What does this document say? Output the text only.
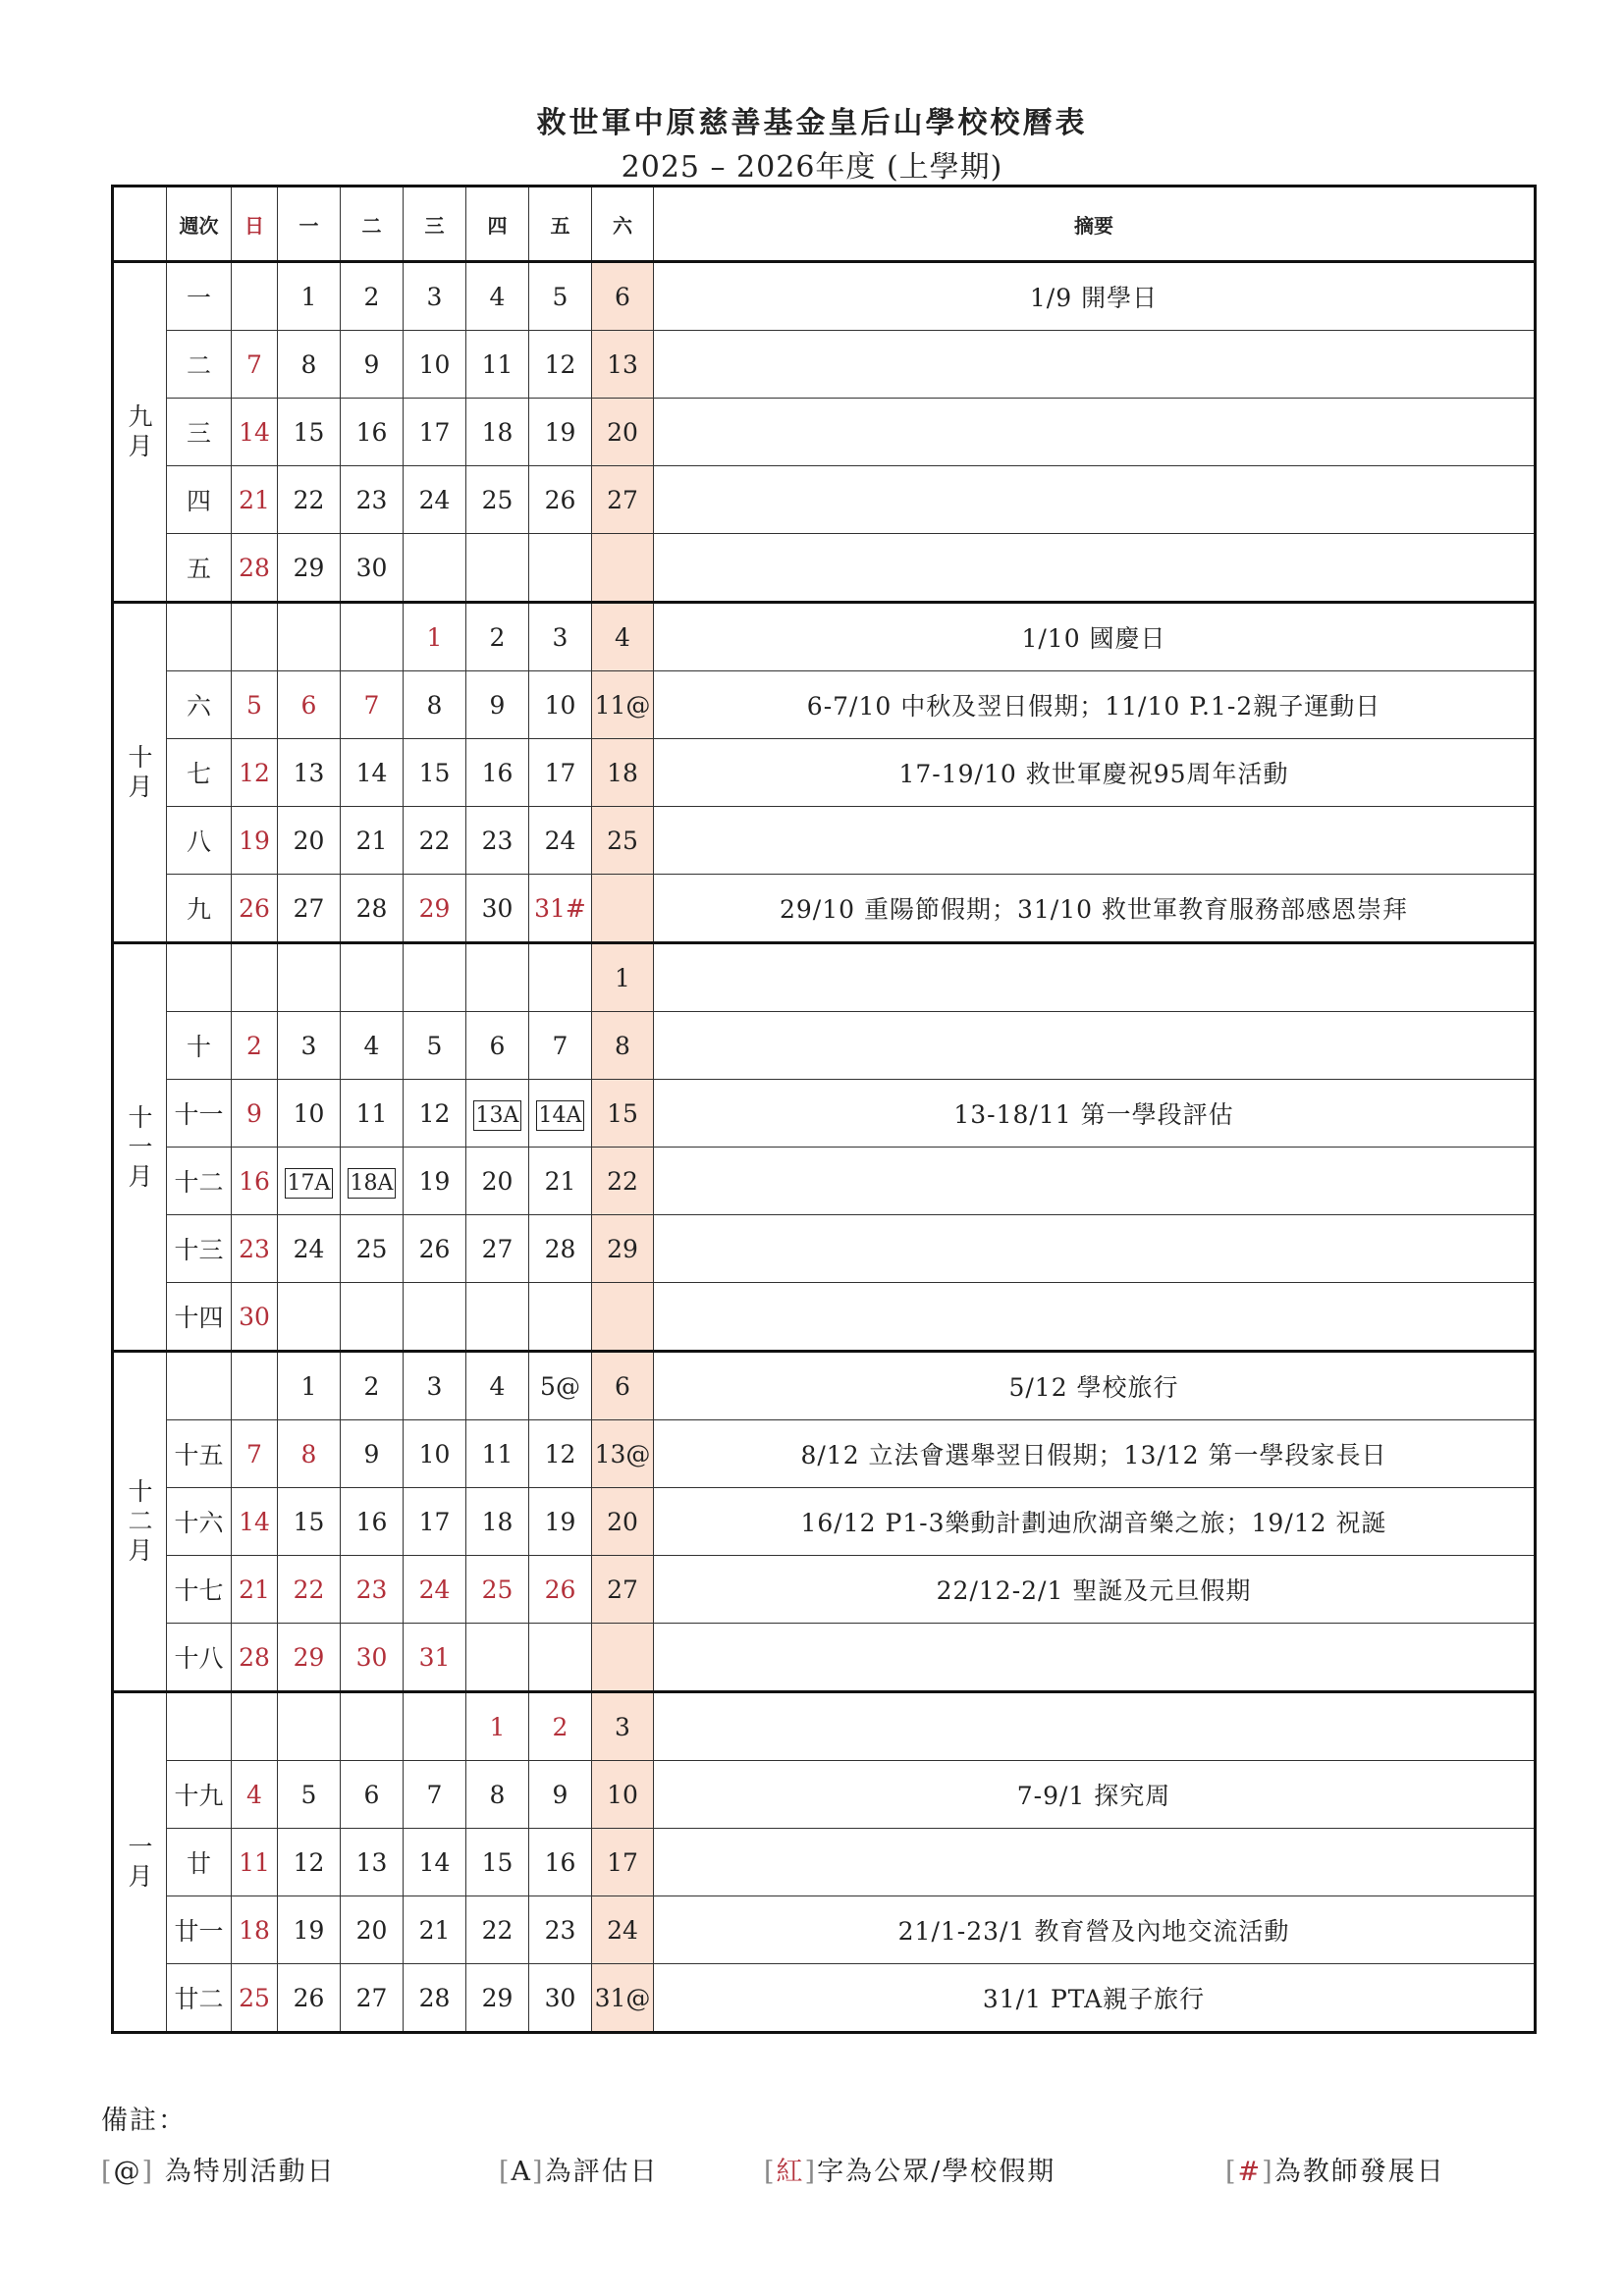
救世軍中原慈善基金皇后山學校校曆表
2025 – 2026年度 (上學期)
	週次	日	一	二	三	四	五	六	摘要
九月	一		1	2	3	4	5	6	1/9 開學日
	二	7	8	9	10	11	12	13	
	三	14	15	16	17	18	19	20	
	四	21	22	23	24	25	26	27	
	五	28	29	30					
十月					1	2	3	4	1/10 國慶日
	六	5	6	7	8	9	10	11@	6-7/10 中秋及翌日假期；11/10 P.1-2親子運動日
	七	12	13	14	15	16	17	18	17-19/10 救世軍慶祝95周年活動
	八	19	20	21	22	23	24	25	
	九	26	27	28	29	30	31#		29/10 重陽節假期；31/10 救世軍教育服務部感恩崇拜
十一月								1	
	十	2	3	4	5	6	7	8	
	十一	9	10	11	12	13A	14A	15	13-18/11 第一學段評估
	十二	16	17A	18A	19	20	21	22	
	十三	23	24	25	26	27	28	29	
	十四	30							
十二月			1	2	3	4	5@	6	5/12 學校旅行
	十五	7	8	9	10	11	12	13@	8/12 立法會選舉翌日假期；13/12 第一學段家長日
	十六	14	15	16	17	18	19	20	16/12 P1-3樂動計劃迪欣湖音樂之旅；19/12 祝誕
	十七	21	22	23	24	25	26	27	22/12-2/1 聖誕及元旦假期
	十八	28	29	30	31				
一月						1	2	3	
	十九	4	5	6	7	8	9	10	7-9/1 探究周
	廿	11	12	13	14	15	16	17	
	廿一	18	19	20	21	22	23	24	21/1-23/1 教育營及內地交流活動
	廿二	25	26	27	28	29	30	31@	31/1 PTA親子旅行
備註：
[@] 為特別活動日	[A]為評估日	[紅]字為公眾/學校假期	[#]為教師發展日
